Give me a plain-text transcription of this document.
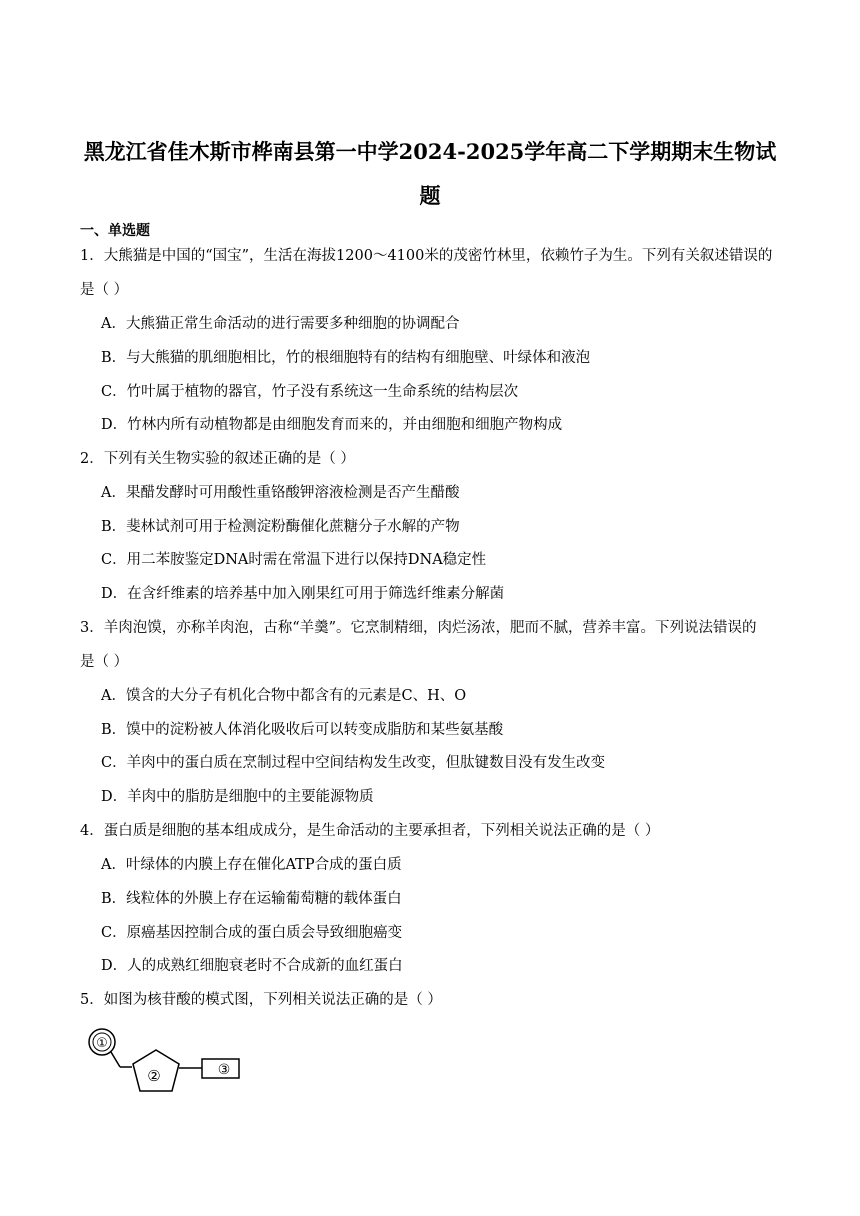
黑龙江省佳木斯市桦南县第一中学2024-2025学年高二下学期期末生物试
题
一、单选题
1．大熊猫是中国的“国宝”，生活在海拔1200～4100米的茂密竹林里，依赖竹子为生。下列有关叙述错误的
是（ ）
A．大熊猫正常生命活动的进行需要多种细胞的协调配合
B．与大熊猫的肌细胞相比，竹的根细胞特有的结构有细胞壁、叶绿体和液泡
C．竹叶属于植物的器官，竹子没有系统这一生命系统的结构层次
D．竹林内所有动植物都是由细胞发育而来的，并由细胞和细胞产物构成
2．下列有关生物实验的叙述正确的是（ ）
A．果醋发酵时可用酸性重铬酸钾溶液检测是否产生醋酸
B．斐林试剂可用于检测淀粉酶催化蔗糖分子水解的产物
C．用二苯胺鉴定DNA时需在常温下进行以保持DNA稳定性
D．在含纤维素的培养基中加入刚果红可用于筛选纤维素分解菌
3．羊肉泡馍，亦称羊肉泡，古称“羊羹”。它烹制精细，肉烂汤浓，肥而不腻，营养丰富。下列说法错误的
是（ ）
A．馍含的大分子有机化合物中都含有的元素是C、H、O
B．馍中的淀粉被人体消化吸收后可以转变成脂肪和某些氨基酸
C．羊肉中的蛋白质在烹制过程中空间结构发生改变，但肽键数目没有发生改变
D．羊肉中的脂肪是细胞中的主要能源物质
4．蛋白质是细胞的基本组成成分，是生命活动的主要承担者，下列相关说法正确的是（ ）
A．叶绿体的内膜上存在催化ATP合成的蛋白质
B．线粒体的外膜上存在运输葡萄糖的载体蛋白
C．原癌基因控制合成的蛋白质会导致细胞癌变
D．人的成熟红细胞衰老时不合成新的血红蛋白
5．如图为核苷酸的模式图，下列相关说法正确的是（ ）
①
②	③
